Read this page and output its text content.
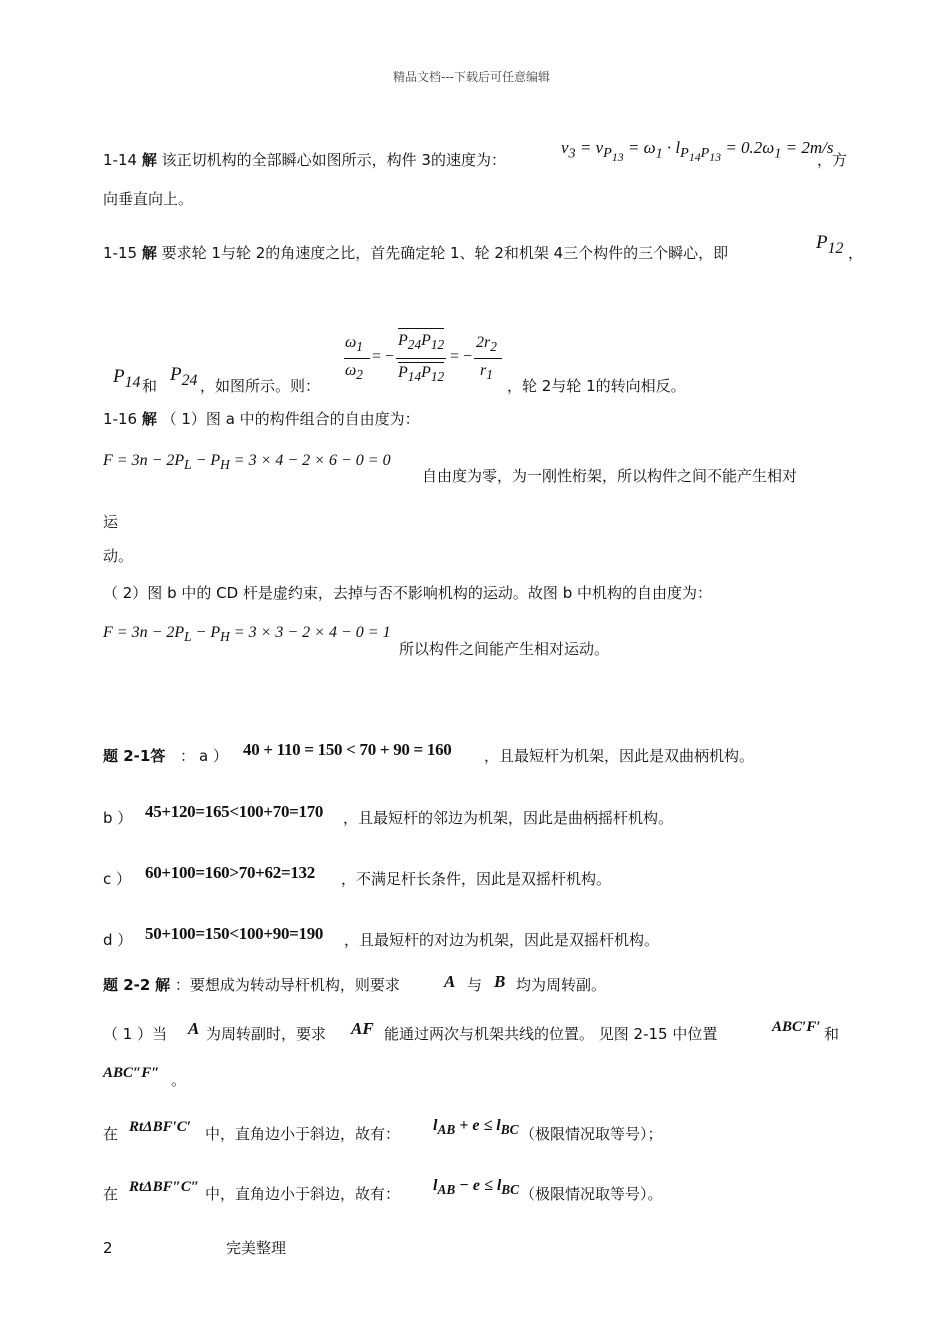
精品文档---下载后可任意编辑
1-14 解 该正切机构的全部瞬心如图所示，构件 3的速度为：
$v_3 = v_{P_{13}} = \omega_1 \cdot l_{P_{14}P_{13}} = 0.2\omega_1 = 2m/s$
，方
向垂直向上。
1-15 解 要求轮 1与轮 2的角速度之比，首先确定轮 1、轮 2和机架 4三个构件的三个瞬心，即	$P_{12}$ ，
$P_{14}$ 和
$P_{24}$ ，如图所示。则：
$\omega_1$
$\omega_2$
= −
$P_{24}P_{12}$
$P_{14}P_{12}$
= −
$2r_2$
$r_1$
，轮 2与轮 1的转向相反。
1-16 解 （ 1）图 a 中的构件组合的自由度为：
$F = 3n - 2P_L - P_H = 3 \times 4 - 2 \times 6 - 0 = 0$
自由度为零，为一刚性桁架，所以构件之间不能产生相对
运
动。
（ 2）图 b 中的 CD 杆是虚约束，去掉与否不影响机构的运动。故图 b 中机构的自由度为：
$F = 3n - 2P_L - P_H = 3 \times 3 - 2 \times 4 - 0 = 1$
所以构件之间能产生相对运动。
题 2-1答 ： a ） 40 + 110 = 150 < 70 + 90 = 160 ，且最短杆为机架，因此是双曲柄机构。
b ） 45+120=165<100+70=170 ，且最短杆的邻边为机架，因此是曲柄摇杆机构。
c ） 60+100=160>70+62=132 ，不满足杆长条件，因此是双摇杆机构。
d ） 50+100=150<100+90=190 ，且最短杆的对边为机架，因此是双摇杆机构。
题 2-2 解 ：要想成为转动导杆机构，则要求	A 与 B 均为周转副。
（ 1 ）当 A 为周转副时，要求 AF 能通过两次与机架共线的位置。 见图 2-15 中位置	ABC′F′ 和
ABC″F″ 。
在 RtΔBF′C′ 中，直角边小于斜边，故有： $l_{AB} + e \le l_{BC}$ （极限情况取等号）；
在 RtΔBF″C″ 中，直角边小于斜边，故有： $l_{AB} - e \le l_{BC}$ （极限情况取等号）。
2	完美整理
